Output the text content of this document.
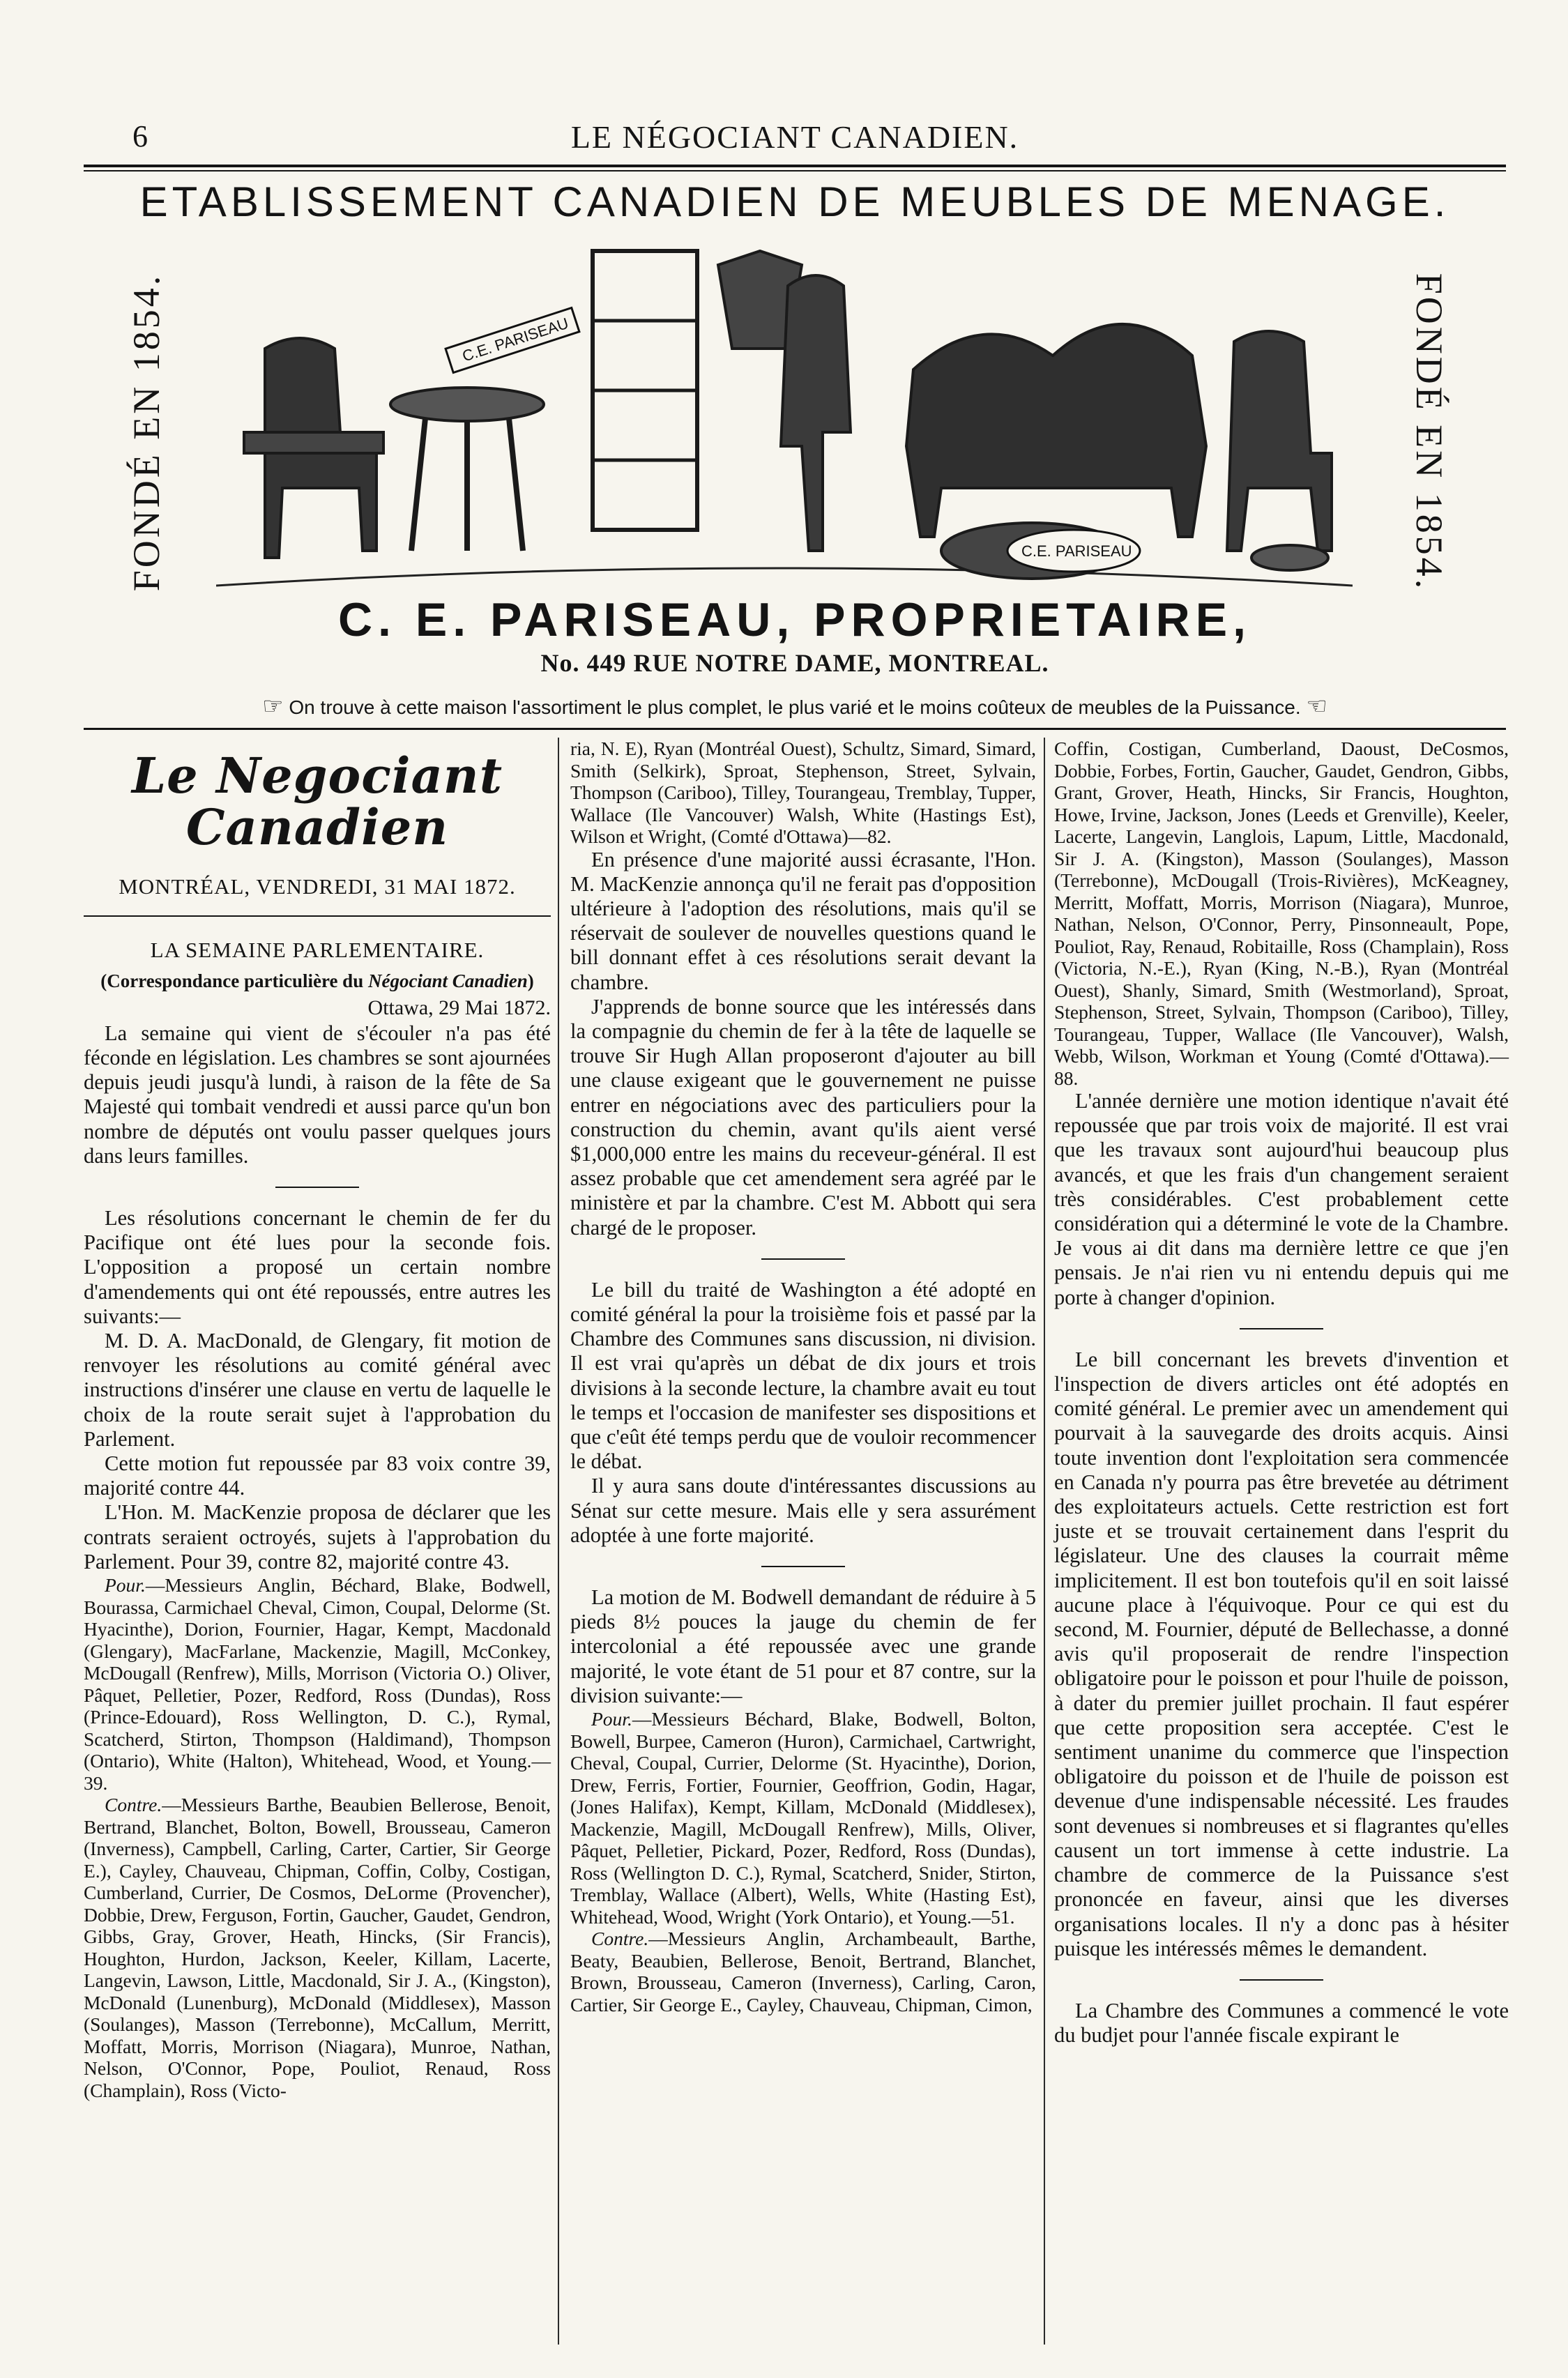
6	LE NÉGOCIANT CANADIEN.
ETABLISSEMENT CANADIEN DE MEUBLES DE MENAGE.
FONDÉ EN 1854.	FONDÉ EN 1854.
C.E. PARISEAU
C.E. PARISEAU
C. E. PARISEAU, PROPRIETAIRE,
No. 449 RUE NOTRE DAME, MONTREAL.
☞ On trouve à cette maison l'assortiment le plus complet, le plus varié et le moins coûteux de meubles de la Puissance. ☜
Le Negociant Canadien
MONTRÉAL, VENDREDI, 31 MAI 1872.
LA SEMAINE PARLEMENTAIRE.
(Correspondance particulière du Négociant Canadien)
Ottawa, 29 Mai 1872.

La semaine qui vient de s'écouler n'a pas été féconde en législation. Les chambres se sont ajournées depuis jeudi jusqu'à lundi, à raison de la fête de Sa Majesté qui tombait vendredi et aussi parce qu'un bon nombre de députés ont voulu passer quelques jours dans leurs familles.

Les résolutions concernant le chemin de fer du Pacifique ont été lues pour la seconde fois. L'opposition a proposé un certain nombre d'amendements qui ont été repoussés, entre autres les suivants:—

M. D. A. MacDonald, de Glengary, fit motion de renvoyer les résolutions au comité général avec instructions d'insérer une clause en vertu de laquelle le choix de la route serait sujet à l'approbation du Parlement.

Cette motion fut repoussée par 83 voix contre 39, majorité contre 44.

L'Hon. M. MacKenzie proposa de déclarer que les contrats seraient octroyés, sujets à l'approbation du Parlement. Pour 39, contre 82, majorité contre 43.

Pour.—Messieurs Anglin, Béchard, Blake, Bodwell, Bourassa, Carmichael Cheval, Cimon, Coupal, Delorme (St. Hyacinthe), Dorion, Fournier, Hagar, Kempt, Macdonald (Glengary), MacFarlane, Mackenzie, Magill, McConkey, McDougall (Renfrew), Mills, Morrison (Victoria O.) Oliver, Pâquet, Pelletier, Pozer, Redford, Ross (Dundas), Ross (Prince-Edouard), Ross Wellington, D. C.), Rymal, Scatcherd, Stirton, Thompson (Haldimand), Thompson (Ontario), White (Halton), Whitehead, Wood, et Young.—39.

Contre.—Messieurs Barthe, Beaubien Bellerose, Benoit, Bertrand, Blanchet, Bolton, Bowell, Brousseau, Cameron (Inverness), Campbell, Carling, Carter, Cartier, Sir George E.), Cayley, Chauveau, Chipman, Coffin, Colby, Costigan, Cumberland, Currier, De Cosmos, DeLorme (Provencher), Dobbie, Drew, Ferguson, Fortin, Gaucher, Gaudet, Gendron, Gibbs, Gray, Grover, Heath, Hincks, (Sir Francis), Houghton, Hurdon, Jackson, Keeler, Killam, Lacerte, Langevin, Lawson, Little, Macdonald, Sir J. A., (Kingston), McDonald (Lunenburg), McDonald (Middlesex), Masson (Soulanges), Masson (Terrebonne), McCallum, Merritt, Moffatt, Morris, Morrison (Niagara), Munroe, Nathan, Nelson, O'Connor, Pope, Pouliot, Renaud, Ross (Champlain), Ross (Victo-

ria, N. E), Ryan (Montréal Ouest), Schultz, Simard, Simard, Smith (Selkirk), Sproat, Stephenson, Street, Sylvain, Thompson (Cariboo), Tilley, Tourangeau, Tremblay, Tupper, Wallace (Ile Vancouver) Walsh, White (Hastings Est), Wilson et Wright, (Comté d'Ottawa)—82.

En présence d'une majorité aussi écrasante, l'Hon. M. MacKenzie annonça qu'il ne ferait pas d'opposition ultérieure à l'adoption des résolutions, mais qu'il se réservait de soulever de nouvelles questions quand le bill donnant effet à ces résolutions serait devant la chambre.

J'apprends de bonne source que les intéressés dans la compagnie du chemin de fer à la tête de laquelle se trouve Sir Hugh Allan proposeront d'ajouter au bill une clause exigeant que le gouvernement ne puisse entrer en négociations avec des particuliers pour la construction du chemin, avant qu'ils aient versé $1,000,000 entre les mains du receveur-général. Il est assez probable que cet amendement sera agréé par le ministère et par la chambre. C'est M. Abbott qui sera chargé de le proposer.

Le bill du traité de Washington a été adopté en comité général la pour la troisième fois et passé par la Chambre des Communes sans discussion, ni division. Il est vrai qu'après un débat de dix jours et trois divisions à la seconde lecture, la chambre avait eu tout le temps et l'occasion de manifester ses dispositions et que c'eût été temps perdu que de vouloir recommencer le débat.

Il y aura sans doute d'intéressantes discussions au Sénat sur cette mesure. Mais elle y sera assurément adoptée à une forte majorité.

La motion de M. Bodwell demandant de réduire à 5 pieds 8½ pouces la jauge du chemin de fer intercolonial a été repoussée avec une grande majorité, le vote étant de 51 pour et 87 contre, sur la division suivante:—

Pour.—Messieurs Béchard, Blake, Bodwell, Bolton, Bowell, Burpee, Cameron (Huron), Carmichael, Cartwright, Cheval, Coupal, Currier, Delorme (St. Hyacinthe), Dorion, Drew, Ferris, Fortier, Fournier, Geoffrion, Godin, Hagar, (Jones Halifax), Kempt, Killam, McDonald (Middlesex), Mackenzie, Magill, McDougall Renfrew), Mills, Oliver, Pâquet, Pelletier, Pickard, Pozer, Redford, Ross (Dundas), Ross (Wellington D. C.), Rymal, Scatcherd, Snider, Stirton, Tremblay, Wallace (Albert), Wells, White (Hasting Est), Whitehead, Wood, Wright (York Ontario), et Young.—51.

Contre.—Messieurs Anglin, Archambeault, Barthe, Beaty, Beaubien, Bellerose, Benoit, Bertrand, Blanchet, Brown, Brousseau, Cameron (Inverness), Carling, Caron, Cartier, Sir George E., Cayley, Chauveau, Chipman, Cimon,

Coffin, Costigan, Cumberland, Daoust, DeCosmos, Dobbie, Forbes, Fortin, Gaucher, Gaudet, Gendron, Gibbs, Grant, Grover, Heath, Hincks, Sir Francis, Houghton, Howe, Irvine, Jackson, Jones (Leeds et Grenville), Keeler, Lacerte, Langevin, Langlois, Lapum, Little, Macdonald, Sir J. A. (Kingston), Masson (Soulanges), Masson (Terrebonne), McDougall (Trois-Rivières), McKeagney, Merritt, Moffatt, Morris, Morrison (Niagara), Munroe, Nathan, Nelson, O'Connor, Perry, Pinsonneault, Pope, Pouliot, Ray, Renaud, Robitaille, Ross (Champlain), Ross (Victoria, N.-E.), Ryan (King, N.-B.), Ryan (Montréal Ouest), Shanly, Simard, Smith (Westmorland), Sproat, Stephenson, Street, Sylvain, Thompson (Cariboo), Tilley, Tourangeau, Tupper, Wallace (Ile Vancouver), Walsh, Webb, Wilson, Workman et Young (Comté d'Ottawa).—88.

L'année dernière une motion identique n'avait été repoussée que par trois voix de majorité. Il est vrai que les travaux sont aujourd'hui beaucoup plus avancés, et que les frais d'un changement seraient très considérables. C'est probablement cette considération qui a déterminé le vote de la Chambre. Je vous ai dit dans ma dernière lettre ce que j'en pensais. Je n'ai rien vu ni entendu depuis qui me porte à changer d'opinion.

Le bill concernant les brevets d'invention et l'inspection de divers articles ont été adoptés en comité général. Le premier avec un amendement qui pourvait à la sauvegarde des droits acquis. Ainsi toute invention dont l'exploitation sera commencée en Canada n'y pourra pas être brevetée au détriment des exploitateurs actuels. Cette restriction est fort juste et se trouvait certainement dans l'esprit du législateur. Une des clauses la courrait même implicitement. Il est bon toutefois qu'il en soit laissé aucune place à l'équivoque. Pour ce qui est du second, M. Fournier, député de Bellechasse, a donné avis qu'il proposerait de rendre l'inspection obligatoire pour le poisson et pour l'huile de poisson, à dater du premier juillet prochain. Il faut espérer que cette proposition sera acceptée. C'est le sentiment unanime du commerce que l'inspection obligatoire du poisson et de l'huile de poisson est devenue d'une indispensable nécessité. Les fraudes sont devenues si nombreuses et si flagrantes qu'elles causent un tort immense à cette industrie. La chambre de commerce de la Puissance s'est prononcée en faveur, ainsi que les diverses organisations locales. Il n'y a donc pas à hésiter puisque les intéressés mêmes le demandent.

La Chambre des Communes a commencé le vote du budjet pour l'année fiscale expirant le
